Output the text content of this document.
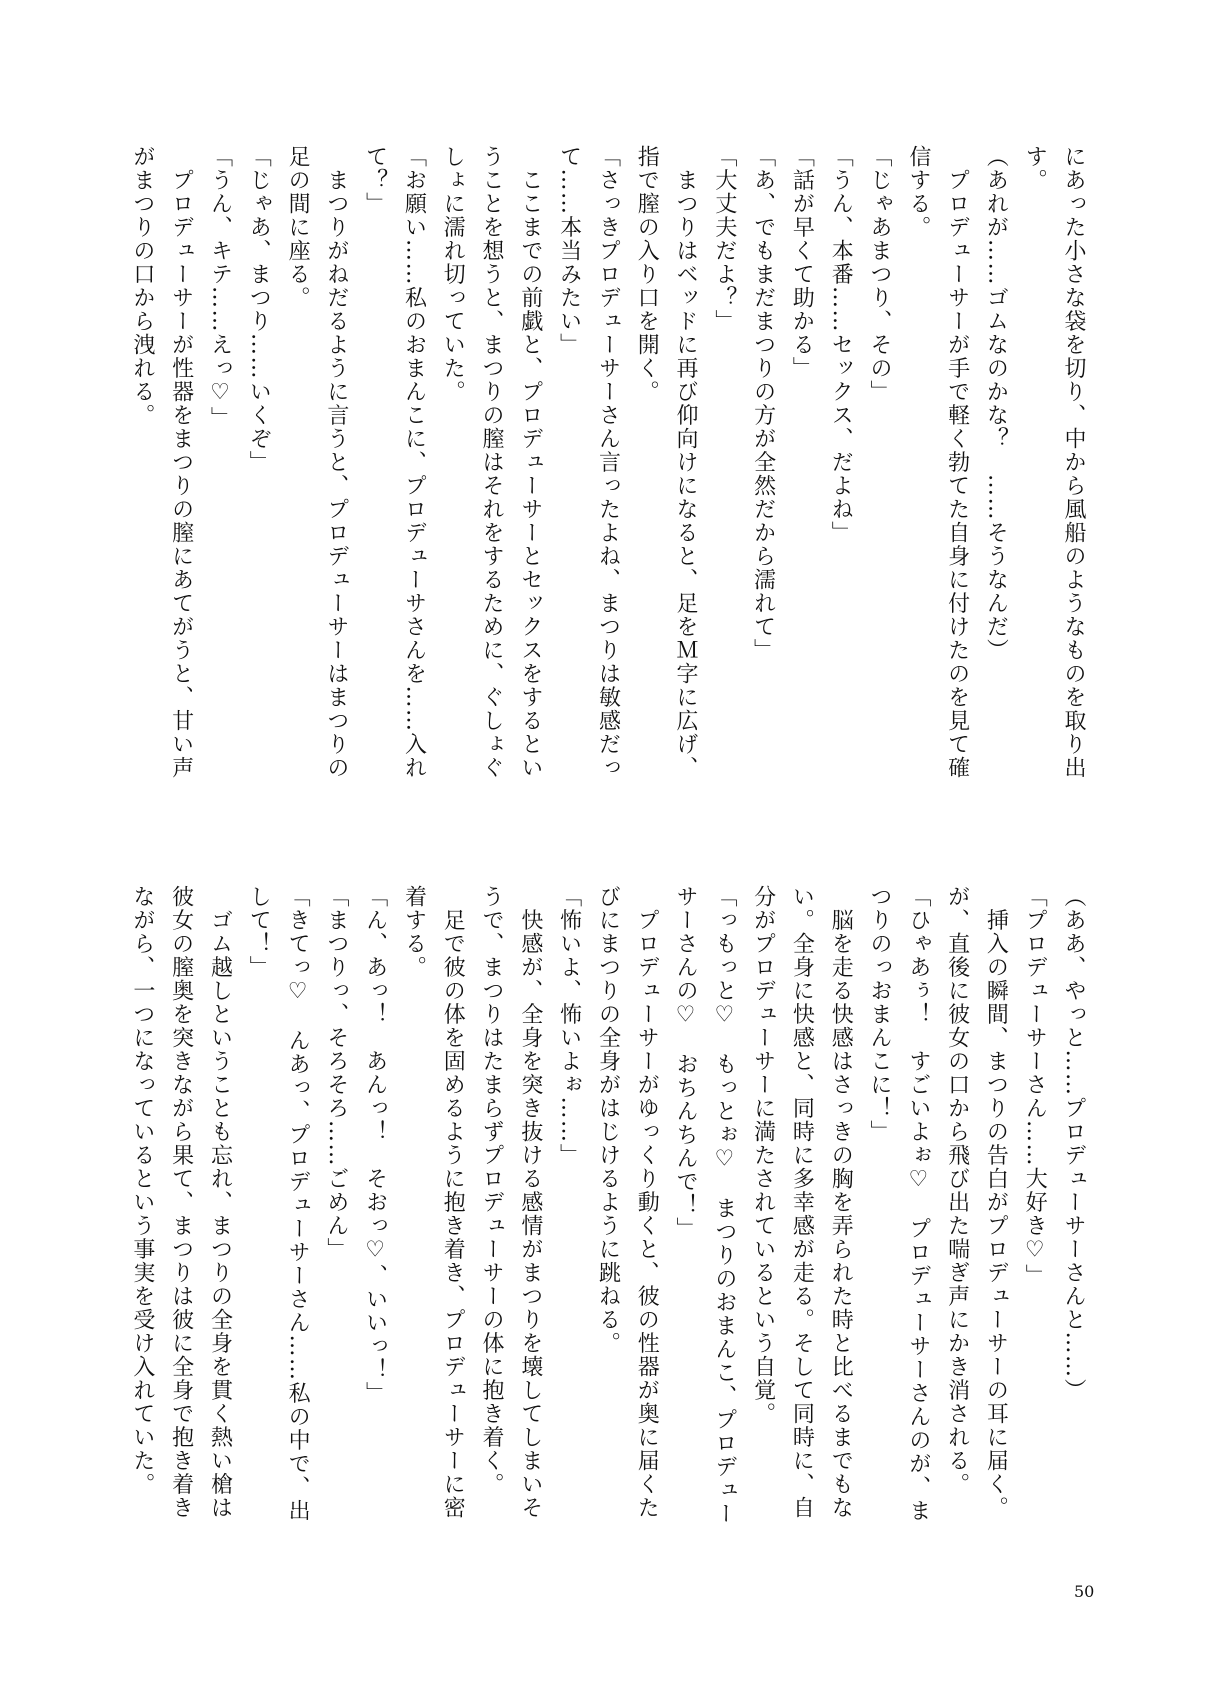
にあった小さな袋を切り、中から風船のようなものを取り出
す。
（あれが……ゴムなのかな？　……そうなんだ）
　プロデューサーが手で軽く勃てた自身に付けたのを見て確
信する。
「じゃあまつり、その」
「うん、本番……セックス、だよね」
「話が早くて助かる」
「あ、でもまだまつりの方が全然だから濡れて」
「大丈夫だよ？」
　まつりはベッドに再び仰向けになると、足をＭ字に広げ、
指で膣の入り口を開く。
「さっきプロデューサーさん言ったよね、まつりは敏感だっ
て……本当みたい」
　ここまでの前戯と、プロデューサーとセックスをするとい
うことを想うと、まつりの膣はそれをするために、ぐしょぐ
しょに濡れ切っていた。
「お願い……私のおまんこに、プロデューサさんを……入れ
て？」
　まつりがねだるように言うと、プロデューサーはまつりの
足の間に座る。
「じゃあ、まつり……いくぞ」
「うん、キテ……えっ♡」
　プロデューサーが性器をまつりの膣にあてがうと、甘い声
がまつりの口から洩れる。
（ああ、やっと……プロデューサーさんと……）
「プロデューサーさん……大好き♡」
　挿入の瞬間、まつりの告白がプロデューサーの耳に届く。
が、直後に彼女の口から飛び出た喘ぎ声にかき消される。
「ひゃあぅ！　すごいよぉ♡　プロデューサーさんのが、ま
つりのっおまんこに！」
　脳を走る快感はさっきの胸を弄られた時と比べるまでもな
い。全身に快感と、同時に多幸感が走る。そして同時に、自
分がプロデューサーに満たされているという自覚。
「っもっと♡　もっとぉ♡　まつりのおまんこ、プロデュー
サーさんの♡　おちんちんで！」
　プロデューサーがゆっくり動くと、彼の性器が奥に届くた
びにまつりの全身がはじけるように跳ねる。
「怖いよ、怖いよぉ……」
　快感が、全身を突き抜ける感情がまつりを壊してしまいそ
うで、まつりはたまらずプロデューサーの体に抱き着く。
　足で彼の体を固めるように抱き着き、プロデューサーに密
着する。
「ん、あっ！　あんっ！　そおっ♡、いいっ！」
「まつりっ、そろそろ……ごめん」
「きてっ♡　んあっ、プロデューサーさん……私の中で、出
して！」
　ゴム越しということも忘れ、まつりの全身を貫く熱い槍は
彼女の膣奥を突きながら果て、まつりは彼に全身で抱き着き
ながら、一つになっているという事実を受け入れていた。
50
